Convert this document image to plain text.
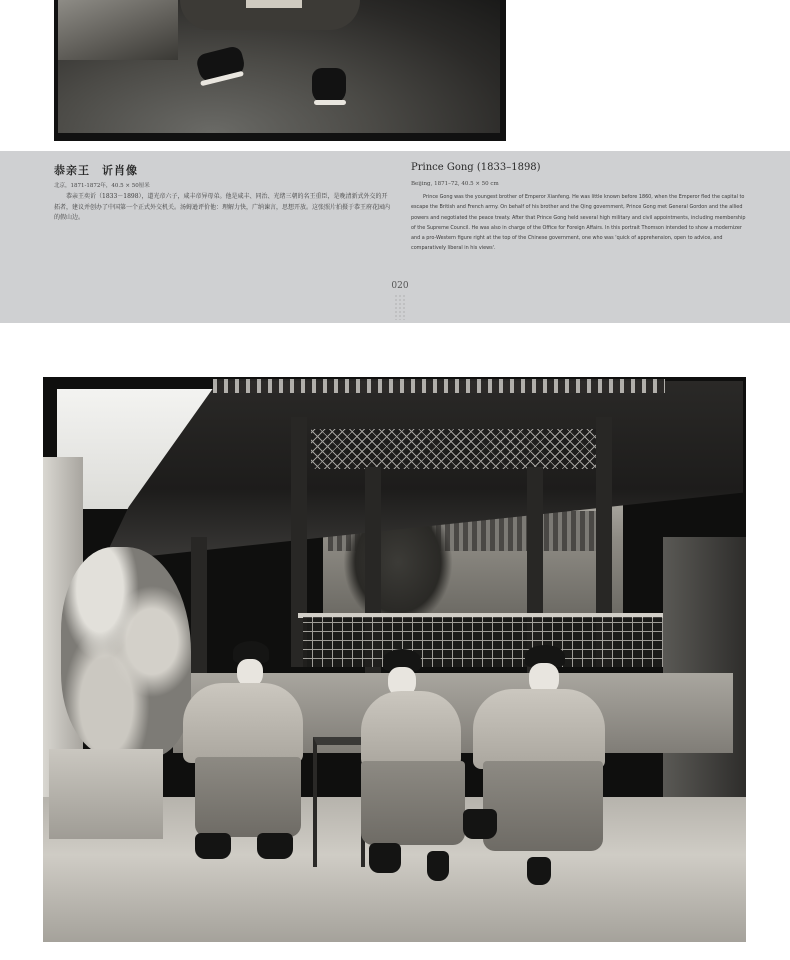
恭亲王　䜣肖像
北京，1871-1872年，40.5 × 50厘米
恭亲王奕䜣（1833－1898），道光帝六子，咸丰帝异母弟。他是咸丰、同治、光绪三朝的名王重臣，是晚清新式外交的开拓者，建议并创办了中国第一个正式外交机关。汤姆逊评价他：理解力快，广纳谏言，思想开放。这张照片拍摄于恭王府花园内的假山边。
Prince Gong (1833–1898)
Beijing, 1871–72, 40.5 × 50 cm
Prince Gong was the youngest brother of Emperor Xianfeng. He was little known before 1860, when the Emperor fled the capital to escape the British and French army. On behalf of his brother and the Qing government, Prince Gong met General Gordon and the allied powers and negotiated the peace treaty. After that Prince Gong held several high military and civil appointments, including membership of the Supreme Council. He was also in charge of the Office for Foreign Affairs. In this portrait Thomson intended to show a modernizer and a pro-Western figure right at the top of the Chinese government, one who was 'quick of apprehension, open to advice, and comparatively liberal in his views'.
020
